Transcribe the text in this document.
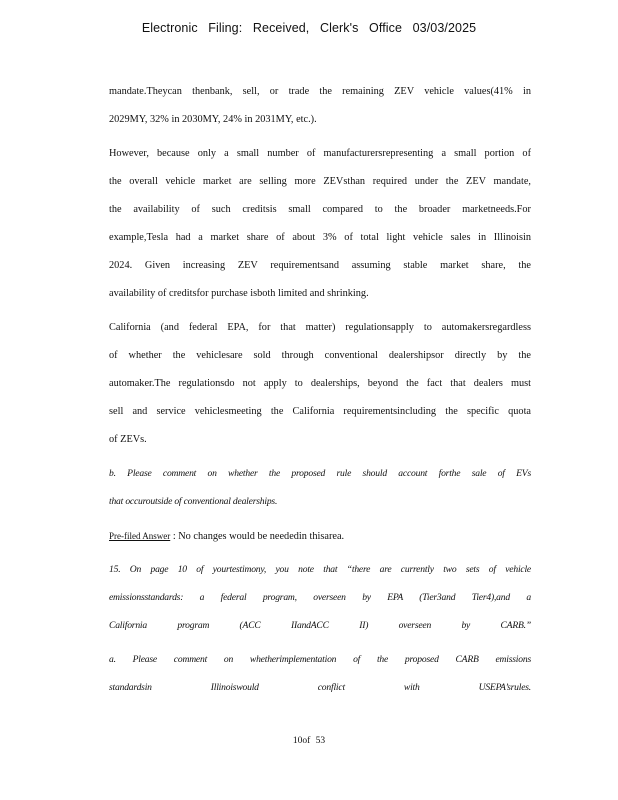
Electronic Filing: Received, Clerk's Office 03/03/2025
mandate.Theycan thenbank, sell, or trade the remaining ZEV vehicle values(41% in
2029MY, 32% in 2030MY, 24% in 2031MY, etc.).
However, because only a small number of manufacturersrepresenting a small portion of
the overall vehicle market are selling more ZEVsthan required under the ZEV mandate,
the availability of such creditsis small compared to the broader marketneeds.For
example,Tesla had a market share of about 3% of total light vehicle sales in Illinoisin
2024. Given increasing ZEV requirementsand assuming stable market share, the
availability of creditsfor purchase isboth limited and shrinking.
California (and federal EPA, for that matter) regulationsapply to automakersregardless
of whether the vehiclesare sold through conventional dealershipsor directly by the
automaker.The regulationsdo not apply to dealerships, beyond the fact that dealers must
sell and service vehiclesmeeting the California requirementsincluding the specific quota
of ZEVs.
b. Please comment on whether the proposed rule should account forthe sale of EVs
that occuroutside of conventional dealerships.
Pre-filed Answer : No changes would be neededin thisarea.
15. On page 10 of yourtestimony, you note that “there are currently two sets of vehicle
emissionsstandards: a federal program, overseen by EPA (Tier3and Tier4),and a
California program (ACC IIandACC II) overseen by CARB.”
a. Please comment on whetherimplementation of the proposed CARB emissions
standardsin Illinoiswould conflict with USEPA’srules.
10of 53
